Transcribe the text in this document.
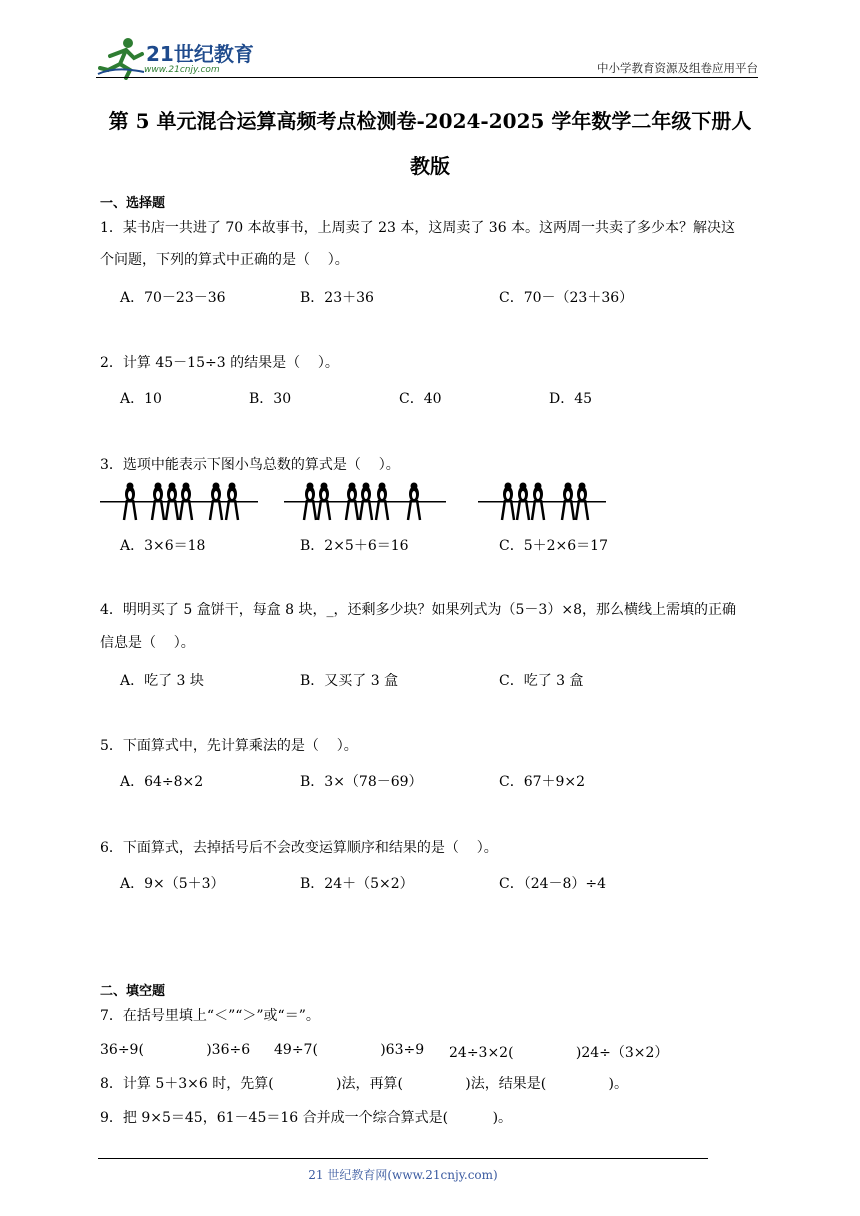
21世纪教育
www.21cnjy.com	中小学教育资源及组卷应用平台
第 5 单元混合运算高频考点检测卷-2024-2025 学年数学二年级下册人
教版
一、选择题
1．某书店一共进了 70 本故事书，上周卖了 23 本，这周卖了 36 本。这两周一共卖了多少本？解决这
个问题，下列的算式中正确的是（    ）。
A．70－23－36	B．23＋36	C．70－（23＋36）
2．计算 45－15÷3 的结果是（    ）。
A．10	B．30	C．40	D．45
3．选项中能表示下图小鸟总数的算式是（    ）。
A．3×6＝18	B．2×5＋6＝16	C．5＋2×6＝17
4．明明买了 5 盒饼干，每盒 8 块，_，还剩多少块？如果列式为（5－3）×8，那么横线上需填的正确
信息是（    ）。
A．吃了 3 块	B．又买了 3 盒	C．吃了 3 盒
5．下面算式中，先计算乘法的是（    ）。
A．64÷8×2	B．3×（78－69）	C．67＋9×2
6．下面算式，去掉括号后不会改变运算顺序和结果的是（    ）。
A．9×（5＋3）	B．24＋（5×2）	C．（24－8）÷4
二、填空题
7．在括号里填上“＜”“＞”或“＝”。
36÷9(              )36÷6 49÷7(              )63÷9 24÷3×2(              )24÷（3×2）
8．计算 5＋3×6 时，先算(              )法，再算(              )法，结果是(              )。
9．把 9×5＝45，61－45＝16 合并成一个综合算式是(          )。
21 世纪教育网(www.21cnjy.com)
